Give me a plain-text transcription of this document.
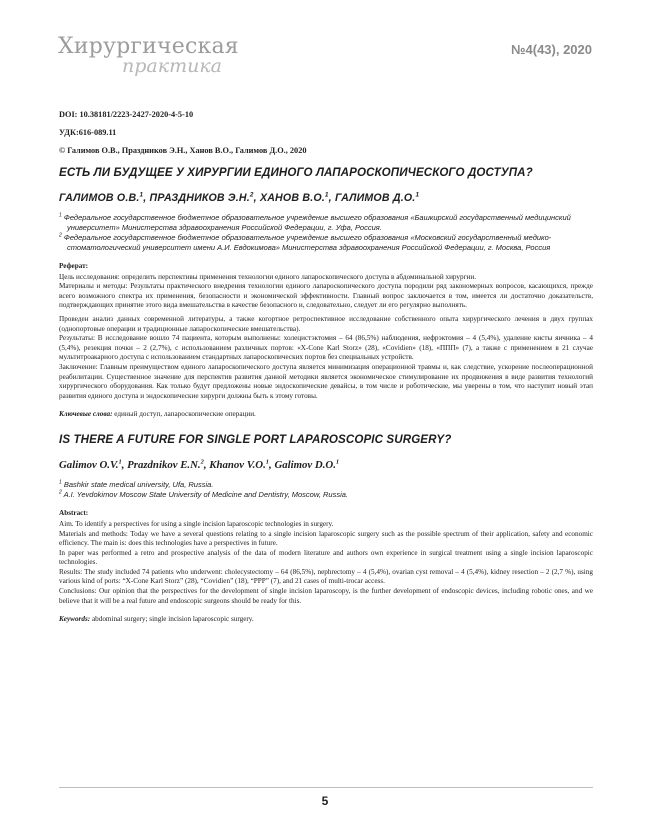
Хирургическая
практика
№4(43), 2020

DOI: 10.38181/2223-2427-2020-4-5-10

УДК:616-089.11

© Галимов О.В., Праздников Э.Н., Ханов В.О., Галимов Д.О., 2020

ЕСТЬ ЛИ БУДУЩЕЕ У ХИРУРГИИ ЕДИНОГО ЛАПАРОСКОПИЧЕСКОГО ДОСТУПА?
ГАЛИМОВ О.В.$^1$, ПРАЗДНИКОВ Э.Н.$^2$, ХАНОВ В.О.$^1$, ГАЛИМОВ Д.О.$^1$

$^1$ Федеральное государственное бюджетное образовательное учреждение высшего образования «Башкирский государственный медицинский университет» Министерства здравоохранения Российской Федерации, г. Уфа, Россия.

$^2$ Федеральное государственное бюджетное образовательное учреждение высшего образования «Московский государственный медико-стоматологический университет имени А.И. Евдокимова» Министерства здравоохранения Российской Федерации, г. Москва, Россия

Реферат:

Цель исследования: определить перспективы применения технологии единого лапароскопического доступа в абдоминальной хирургии.

Материалы и методы: Результаты практического внедрения технологии единого лапароскопического доступа породили ряд закономерных вопросов, касающихся, прежде всего возможного спектра их применения, безопасности и экономической эффективности. Главный вопрос заключается в том, имеется ли достаточно доказательств, подтверждающих принятие этого вида вмешательства в качестве безопасного и, следовательно, следует ли его регулярно выполнять.

Проведен анализ данных современной литературы, а также когортное ретроспективное исследование собственного опыта хирургического лечения в двух группах (однопортовые операции и традиционные лапароскопические вмешательства).

Результаты: В исследование вошло 74 пациента, которым выполнены: холецистэктомия – 64 (86,5%) наблюдения, нефрэктомия – 4 (5,4%), удаление кисты яичника – 4 (5,4%), резекция почки – 2 (2,7%), с использованием различных портов: «X-Cone Karl Storz» (28), «Covidien» (18), «ППП» (7), а также с применением в 21 случае мультитроакарного доступа с использованием стандартных лапароскопических портов без специальных устройств.

Заключение: Главным преимуществом единого лапароскопического доступа является минимизация операционной травмы и, как следствие, ускорение послеоперационной реабилитации. Существенное значение для перспектив развития данной методики является экономическое стимулирование их продвижения в виде развития технологий хирургического оборудования. Как только будут предложены новые эндоскопические девайсы, в том числе и роботические, мы уверены в том, что наступит новый этап развития единого доступа и эндоскопические хирурги должны быть к этому готовы.

Ключевые слова: единый доступ, лапароскопические операции.
IS THERE A FUTURE FOR SINGLE PORT LAPAROSCOPIC SURGERY?
Galimov O.V.$^1$, Prazdnikov E.N.$^2$, Khanov V.O.$^1$, Galimov D.O.$^1$

$^1$ Bashkir state medical university, Ufa, Russia.

$^2$ A.I. Yevdokimov Moscow State University of Medicine and Dentistry, Moscow, Russia.

Abstract:

Aim. To identify a perspectives for using a single incision laparoscopic technologies in surgery.

Materials and methods: Today we have a several questions relating to a single incision laparoscopic surgery such as the possible spectrum of their application, safety and economic efficiency. The main is: does this technologies have a perspectives in future.

In paper was performed a retro and prospective analysis of the data of modern literature and authors own experience in surgical treatment using a single incision laparoscopic technologies.

Results: The study included 74 patients who underwent: cholecystectomy – 64 (86,5%), nephrectomy – 4 (5,4%), ovarian cyst removal – 4 (5,4%), kidney resection – 2 (2,7 %), using various kind of ports: “X-Cone Karl Storz” (28), “Covidien” (18), “PPP” (7), and 21 cases of multi-trocar access.

Conclusions: Our opinion that the perspectives for the development of single incision laparoscopy, is the further development of endoscopic devices, including robotic ones, and we believe that it will be a real future and endoscopic surgeons should be ready for this.

Keywords: abdominal surgery; single incision laparoscopic surgery.
5
